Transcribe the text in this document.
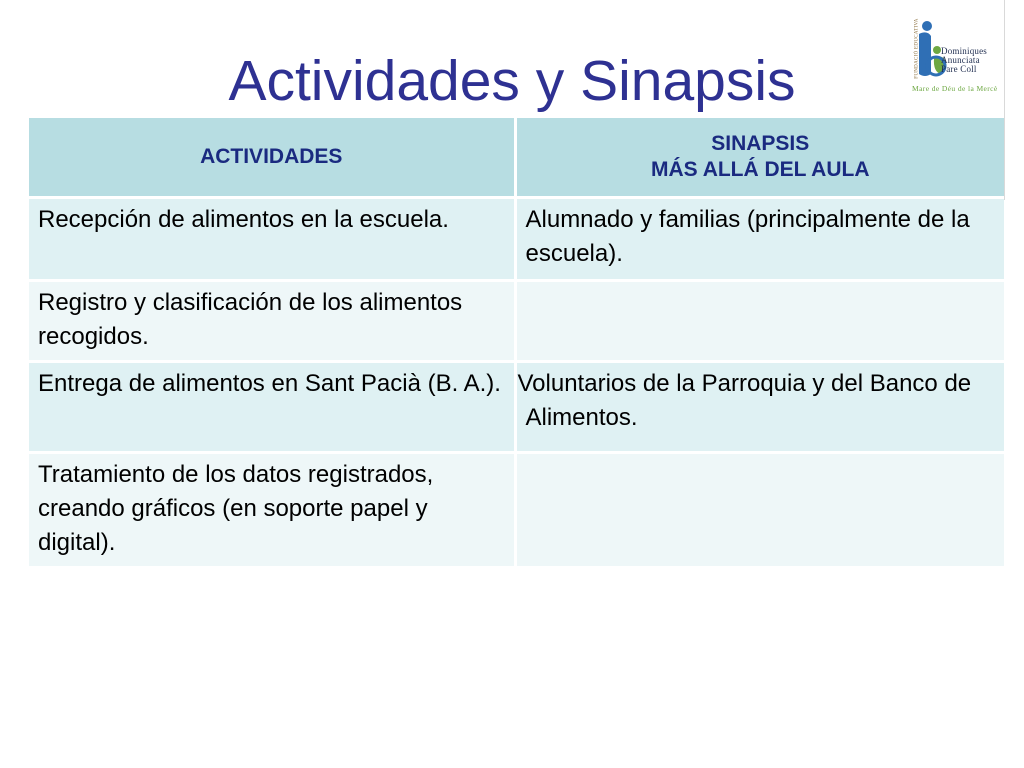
Actividades y Sinapsis
FUNDACIÓ EDUCATIVA Dominiques
Anunciata
Pare Coll
Mare de Déu de la Mercè
ACTIVIDADES	SINAPSIS
MÁS ALLÁ DEL AULA

Recepción de alimentos en la escuela.	Alumnado y familias (principalmente de la escuela).
Registro y clasificación de los alimentos recogidos.	
Entrega de alimentos en Sant Pacià (B. A.).	Voluntarios de la Parroquia y del Banco de Alimentos.
Tratamiento de los datos registrados, creando gráficos (en soporte papel y digital).	
